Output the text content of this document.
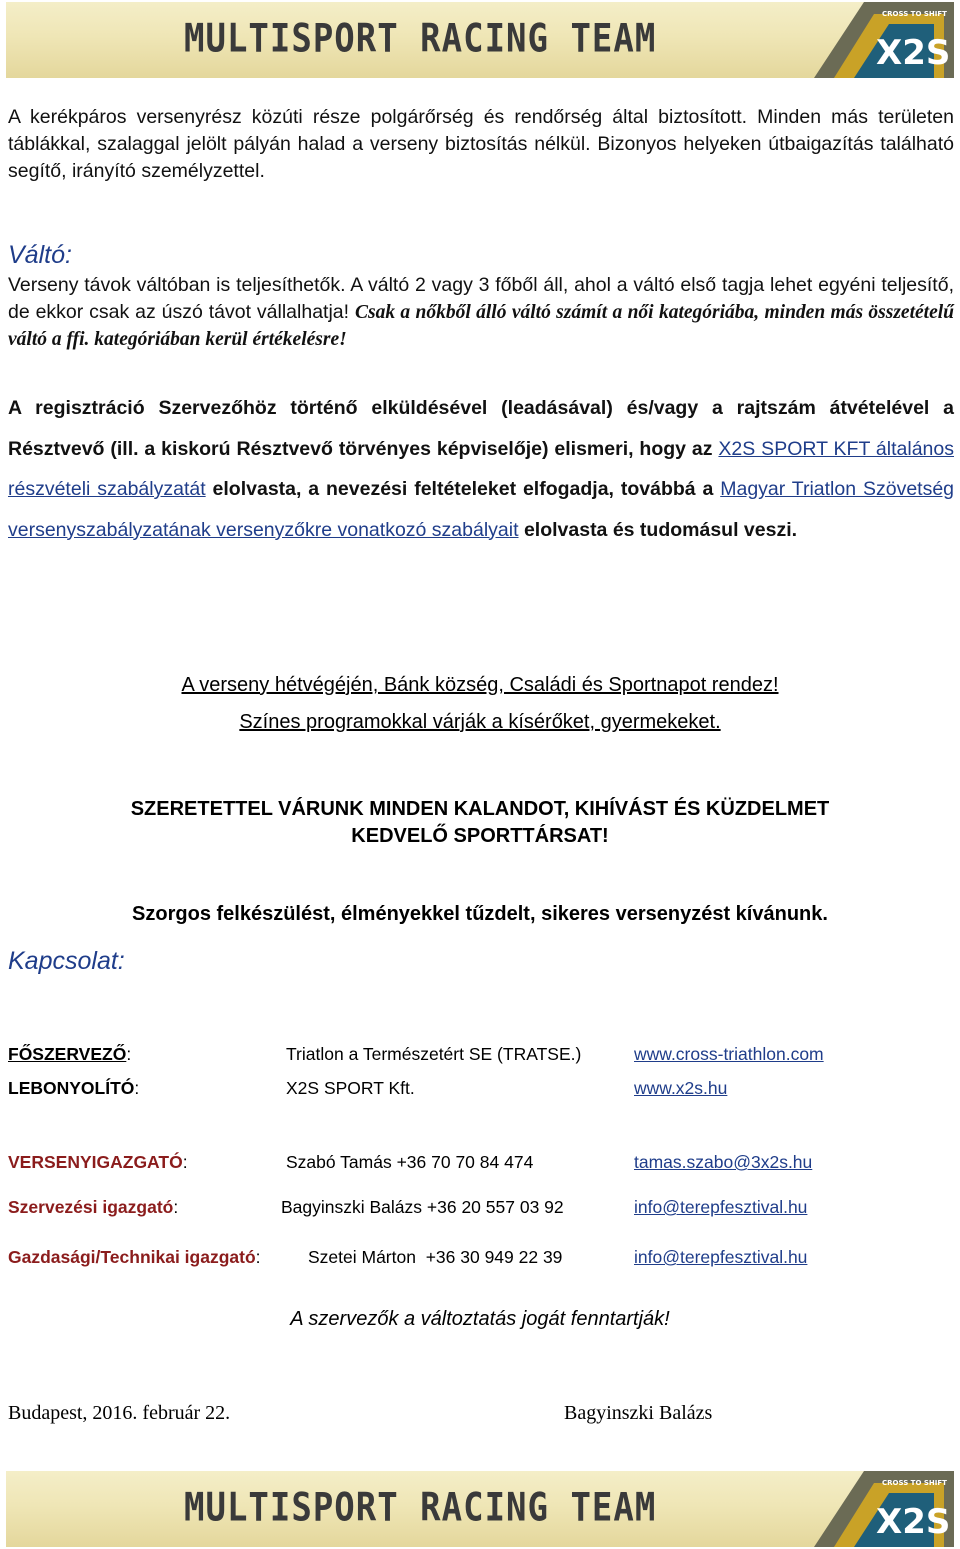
MULTISPORT RACING TEAM	X2S
CROSS TO SHIFT
A kerékpáros versenyrész közúti része polgárőrség és rendőrség által biztosított. Minden más területen táblákkal, szalaggal jelölt pályán halad a verseny biztosítás nélkül. Bizonyos helyeken útbaigazítás található segítő, irányító személyzettel.
Váltó:
Verseny távok váltóban is teljesíthetők. A váltó 2 vagy 3 főből áll, ahol a váltó első tagja lehet egyéni teljesítő, de ekkor csak az úszó távot vállalhatja! Csak a nőkből álló váltó számít a női kategóriába, minden más összetételű váltó a ffi. kategóriában kerül értékelésre!
A regisztráció Szervezőhöz történő elküldésével (leadásával) és/vagy a rajtszám átvételével a Résztvevő (ill. a kiskorú Résztvevő törvényes képviselője) elismeri, hogy az X2S SPORT KFT általános részvételi szabályzatát elolvasta, a nevezési feltételeket elfogadja, továbbá a Magyar Triatlon Szövetség versenyszabályzatának versenyzőkre vonatkozó szabályait elolvasta és tudomásul veszi.
A verseny hétvégéjén, Bánk község, Családi és Sportnapot rendez!
Színes programokkal várják a kísérőket, gyermekeket.
SZERETETTEL VÁRUNK MINDEN KALANDOT, KIHÍVÁST ÉS KÜZDELMET
KEDVELŐ SPORTTÁRSAT!
Szorgos felkészülést, élményekkel tűzdelt, sikeres versenyzést kívánunk.
Kapcsolat:
FŐSZERVEZŐ:	Triatlon a Természetért SE (TRATSE.)	www.cross-triathlon.com
LEBONYOLÍTÓ:	X2S SPORT Kft.	www.x2s.hu
VERSENYIGAZGATÓ:	Szabó Tamás +36 70 70 84 474	tamas.szabo@3x2s.hu
Szervezési igazgató:	Bagyinszki Balázs +36 20 557 03 92	info@terepfesztival.hu
Gazdasági/Technikai igazgató:	Szetei Márton  +36 30 949 22 39	info@terepfesztival.hu
A szervezők a változtatás jogát fenntartják!
Budapest, 2016. február 22.	Bagyinszki Balázs
MULTISPORT RACING TEAM	X2S
CROSS TO SHIFT
